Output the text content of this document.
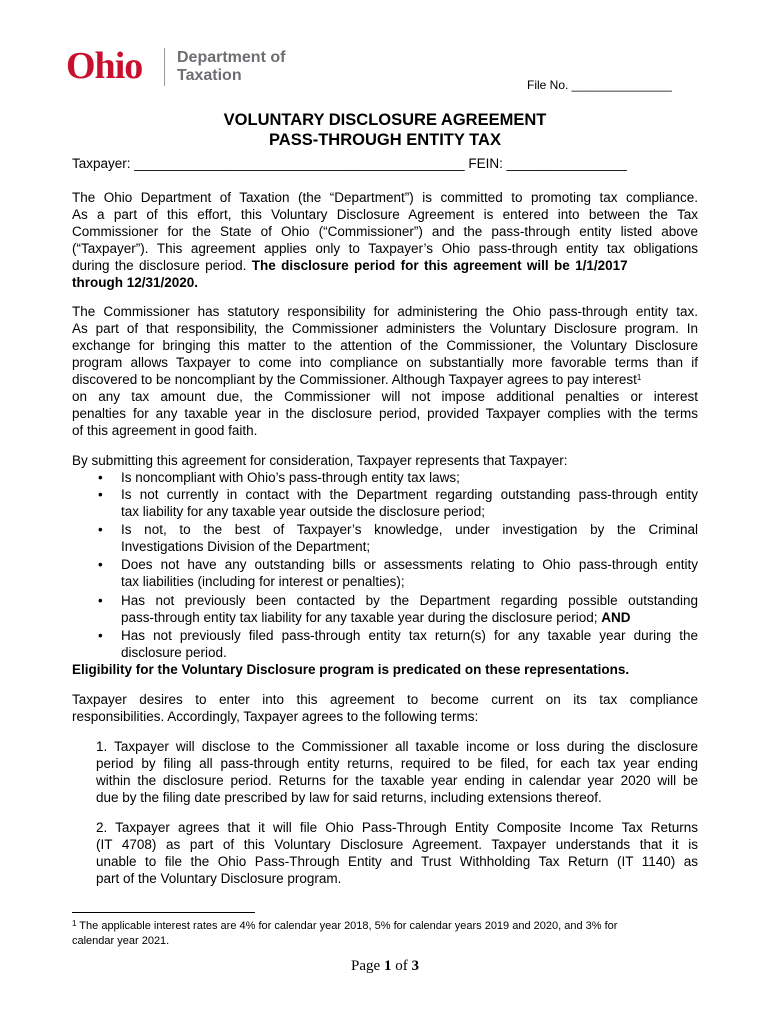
Ohio Department of
Taxation
File No. _______________
VOLUNTARY DISCLOSURE AGREEMENT
PASS-THROUGH ENTITY TAX
Taxpayer: ____________________________________________ FEIN: ________________
The Ohio Department of Taxation (the “Department”) is committed to promoting tax compliance.
As a part of this effort, this Voluntary Disclosure Agreement is entered into between the Tax
Commissioner for the State of Ohio (“Commissioner”) and the pass-through entity listed above
(“Taxpayer”). This agreement applies only to Taxpayer’s Ohio pass-through entity tax obligations
during the disclosure period. The disclosure period for this agreement will be 1/1/2017
through 12/31/2020.
The Commissioner has statutory responsibility for administering the Ohio pass-through entity tax.
As part of that responsibility, the Commissioner administers the Voluntary Disclosure program. In
exchange for bringing this matter to the attention of the Commissioner, the Voluntary Disclosure
program allows Taxpayer to come into compliance on substantially more favorable terms than if
discovered to be noncompliant by the Commissioner. Although Taxpayer agrees to pay interest$^1$
on any tax amount due, the Commissioner will not impose additional penalties or interest
penalties for any taxable year in the disclosure period, provided Taxpayer complies with the terms
of this agreement in good faith.
By submitting this agreement for consideration, Taxpayer represents that Taxpayer:
• Is noncompliant with Ohio’s pass-through entity tax laws;
• Is not currently in contact with the Department regarding outstanding pass-through entity
tax liability for any taxable year outside the disclosure period;
• Is not, to the best of Taxpayer’s knowledge, under investigation by the Criminal
Investigations Division of the Department;
• Does not have any outstanding bills or assessments relating to Ohio pass-through entity
tax liabilities (including for interest or penalties);
• Has not previously been contacted by the Department regarding possible outstanding
pass-through entity tax liability for any taxable year during the disclosure period; AND
• Has not previously filed pass-through entity tax return(s) for any taxable year during the
disclosure period.
Eligibility for the Voluntary Disclosure program is predicated on these representations.
Taxpayer desires to enter into this agreement to become current on its tax compliance
responsibilities. Accordingly, Taxpayer agrees to the following terms:
1. Taxpayer will disclose to the Commissioner all taxable income or loss during the disclosure
period by filing all pass-through entity returns, required to be filed, for each tax year ending
within the disclosure period. Returns for the taxable year ending in calendar year 2020 will be
due by the filing date prescribed by law for said returns, including extensions thereof.
2. Taxpayer agrees that it will file Ohio Pass-Through Entity Composite Income Tax Returns
(IT 4708) as part of this Voluntary Disclosure Agreement. Taxpayer understands that it is
unable to file the Ohio Pass-Through Entity and Trust Withholding Tax Return (IT 1140) as
part of the Voluntary Disclosure program.
$^1$ The applicable interest rates are 4% for calendar year 2018, 5% for calendar years 2019 and 2020, and 3% for
calendar year 2021.
Page 1 of 3
